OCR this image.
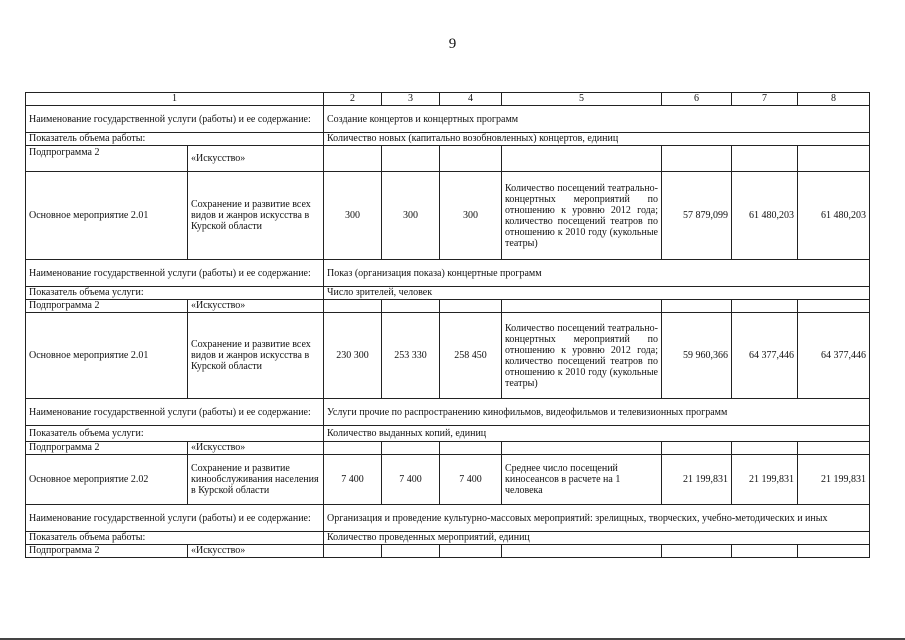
9
1		2	3	4	5	6	7	8
Наименование государственной услуги (работы) и ее содержание:		Создание концертов и концертных программ						
Показатель объема работы:		Количество новых (капитально возобновленных) концертов, единиц						
Подпрограмма 2	«Искусство»							
Основное мероприятие 2.01	Сохранение и развитие всех видов и жанров искусства в Курской области	300	300	300	Количество посещений театрально-концертных мероприятий по отношению к уровню 2012 года; количество посещений театров по отношению к 2010 году (кукольные театры)	57 879,099	61 480,203	61 480,203
Наименование государственной услуги (работы) и ее содержание:		Показ (организация показа) концертные программ						
Показатель объема услуги:		Число зрителей, человек						
Подпрограмма 2	«Искусство»							
Основное мероприятие 2.01	Сохранение и развитие всех видов и жанров искусства в Курской области	230 300	253 330	258 450	Количество посещений театрально-концертных мероприятий по отношению к уровню 2012 года; количество посещений театров по отношению к 2010 году (кукольные театры)	59 960,366	64 377,446	64 377,446
Наименование государственной услуги (работы) и ее содержание:		Услуги прочие по распространению кинофильмов, видеофильмов и телевизионных программ						
Показатель объема услуги:		Количество выданных копий, единиц						
Подпрограмма 2	«Искусство»							
Основное мероприятие 2.02	Сохранение и развитие кинообслуживания населения в Курской области	7 400	7 400	7 400	Среднее число посещений киносеансов в расчете на 1 человека	21 199,831	21 199,831	21 199,831
Наименование государственной услуги (работы) и ее содержание:		Организация и проведение культурно-массовых мероприятий: зрелищных, творческих, учебно-методических и иных						
Показатель объема работы:		Количество проведенных мероприятий, единиц						
Подпрограмма 2	«Искусство»							
